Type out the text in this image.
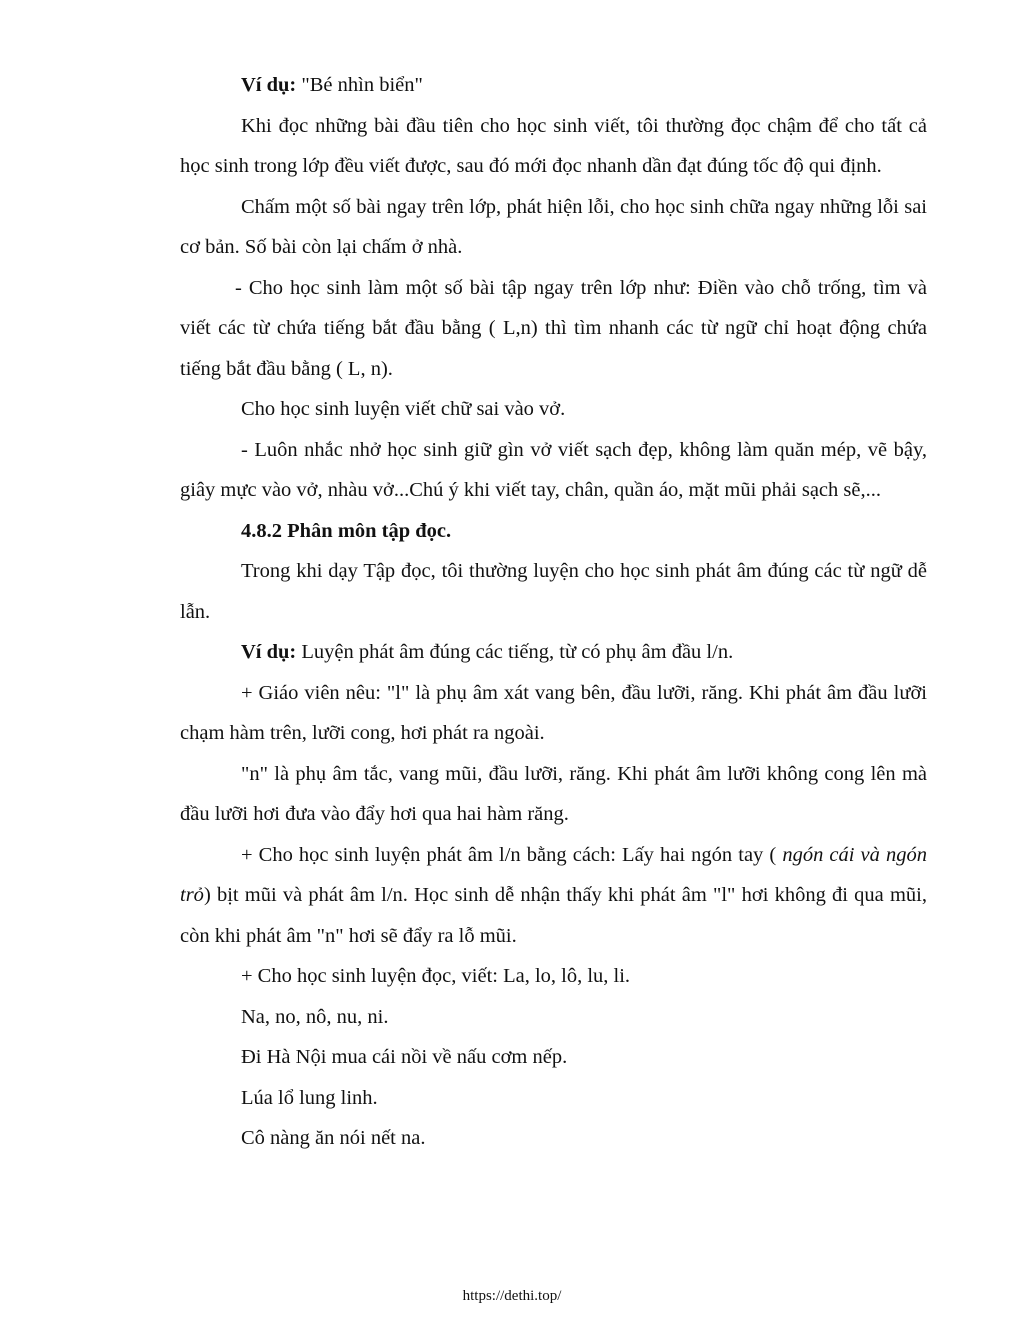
Ví dụ: "Bé nhìn biển"

Khi đọc những bài đầu tiên cho học sinh viết, tôi thường đọc chậm để cho tất cả học sinh trong lớp đều viết được, sau đó mới đọc nhanh dần đạt đúng tốc độ qui định.

Chấm một số bài ngay trên lớp, phát hiện lỗi, cho học sinh chữa ngay những lỗi sai cơ bản. Số bài còn lại chấm ở nhà.

- Cho học sinh làm một số bài tập ngay trên lớp như: Điền vào chỗ trống, tìm và viết các từ chứa tiếng bắt đầu bằng ( L,n) thì tìm nhanh các từ ngữ chỉ hoạt động chứa tiếng bắt đầu bằng ( L, n).

Cho học sinh luyện viết chữ sai vào vở.

- Luôn nhắc nhở học sinh giữ gìn vở viết sạch đẹp, không làm quăn mép, vẽ bậy, giây mực vào vở, nhàu vở...Chú ý khi viết tay, chân, quần áo, mặt mũi phải sạch sẽ,...

4.8.2 Phân môn tập đọc.

Trong khi dạy Tập đọc, tôi thường luyện cho học sinh phát âm đúng các từ ngữ dễ lẫn.

Ví dụ: Luyện phát âm đúng các tiếng, từ có phụ âm đầu l/n.

+ Giáo viên nêu: "l" là phụ âm xát vang bên, đầu lưỡi, răng. Khi phát âm đầu lưỡi chạm hàm trên, lưỡi cong, hơi phát ra ngoài.

"n" là phụ âm tắc, vang mũi, đầu lưỡi, răng. Khi phát âm lưỡi không cong lên mà đầu lưỡi hơi đưa vào đẩy hơi qua hai hàm răng.

+ Cho học sinh luyện phát âm l/n bằng cách: Lấy hai ngón tay ( ngón cái và ngón trỏ) bịt mũi và phát âm l/n. Học sinh dễ nhận thấy khi phát âm "l" hơi không đi qua mũi, còn khi phát âm "n" hơi sẽ đẩy ra lỗ mũi.

+ Cho học sinh luyện đọc, viết: La, lo, lô, lu, li.

Na, no, nô, nu, ni.

Đi Hà Nội mua cái nồi về nấu cơm nếp.

Lúa lổ lung linh.

Cô nàng ăn nói nết na.

https://dethi.top/
